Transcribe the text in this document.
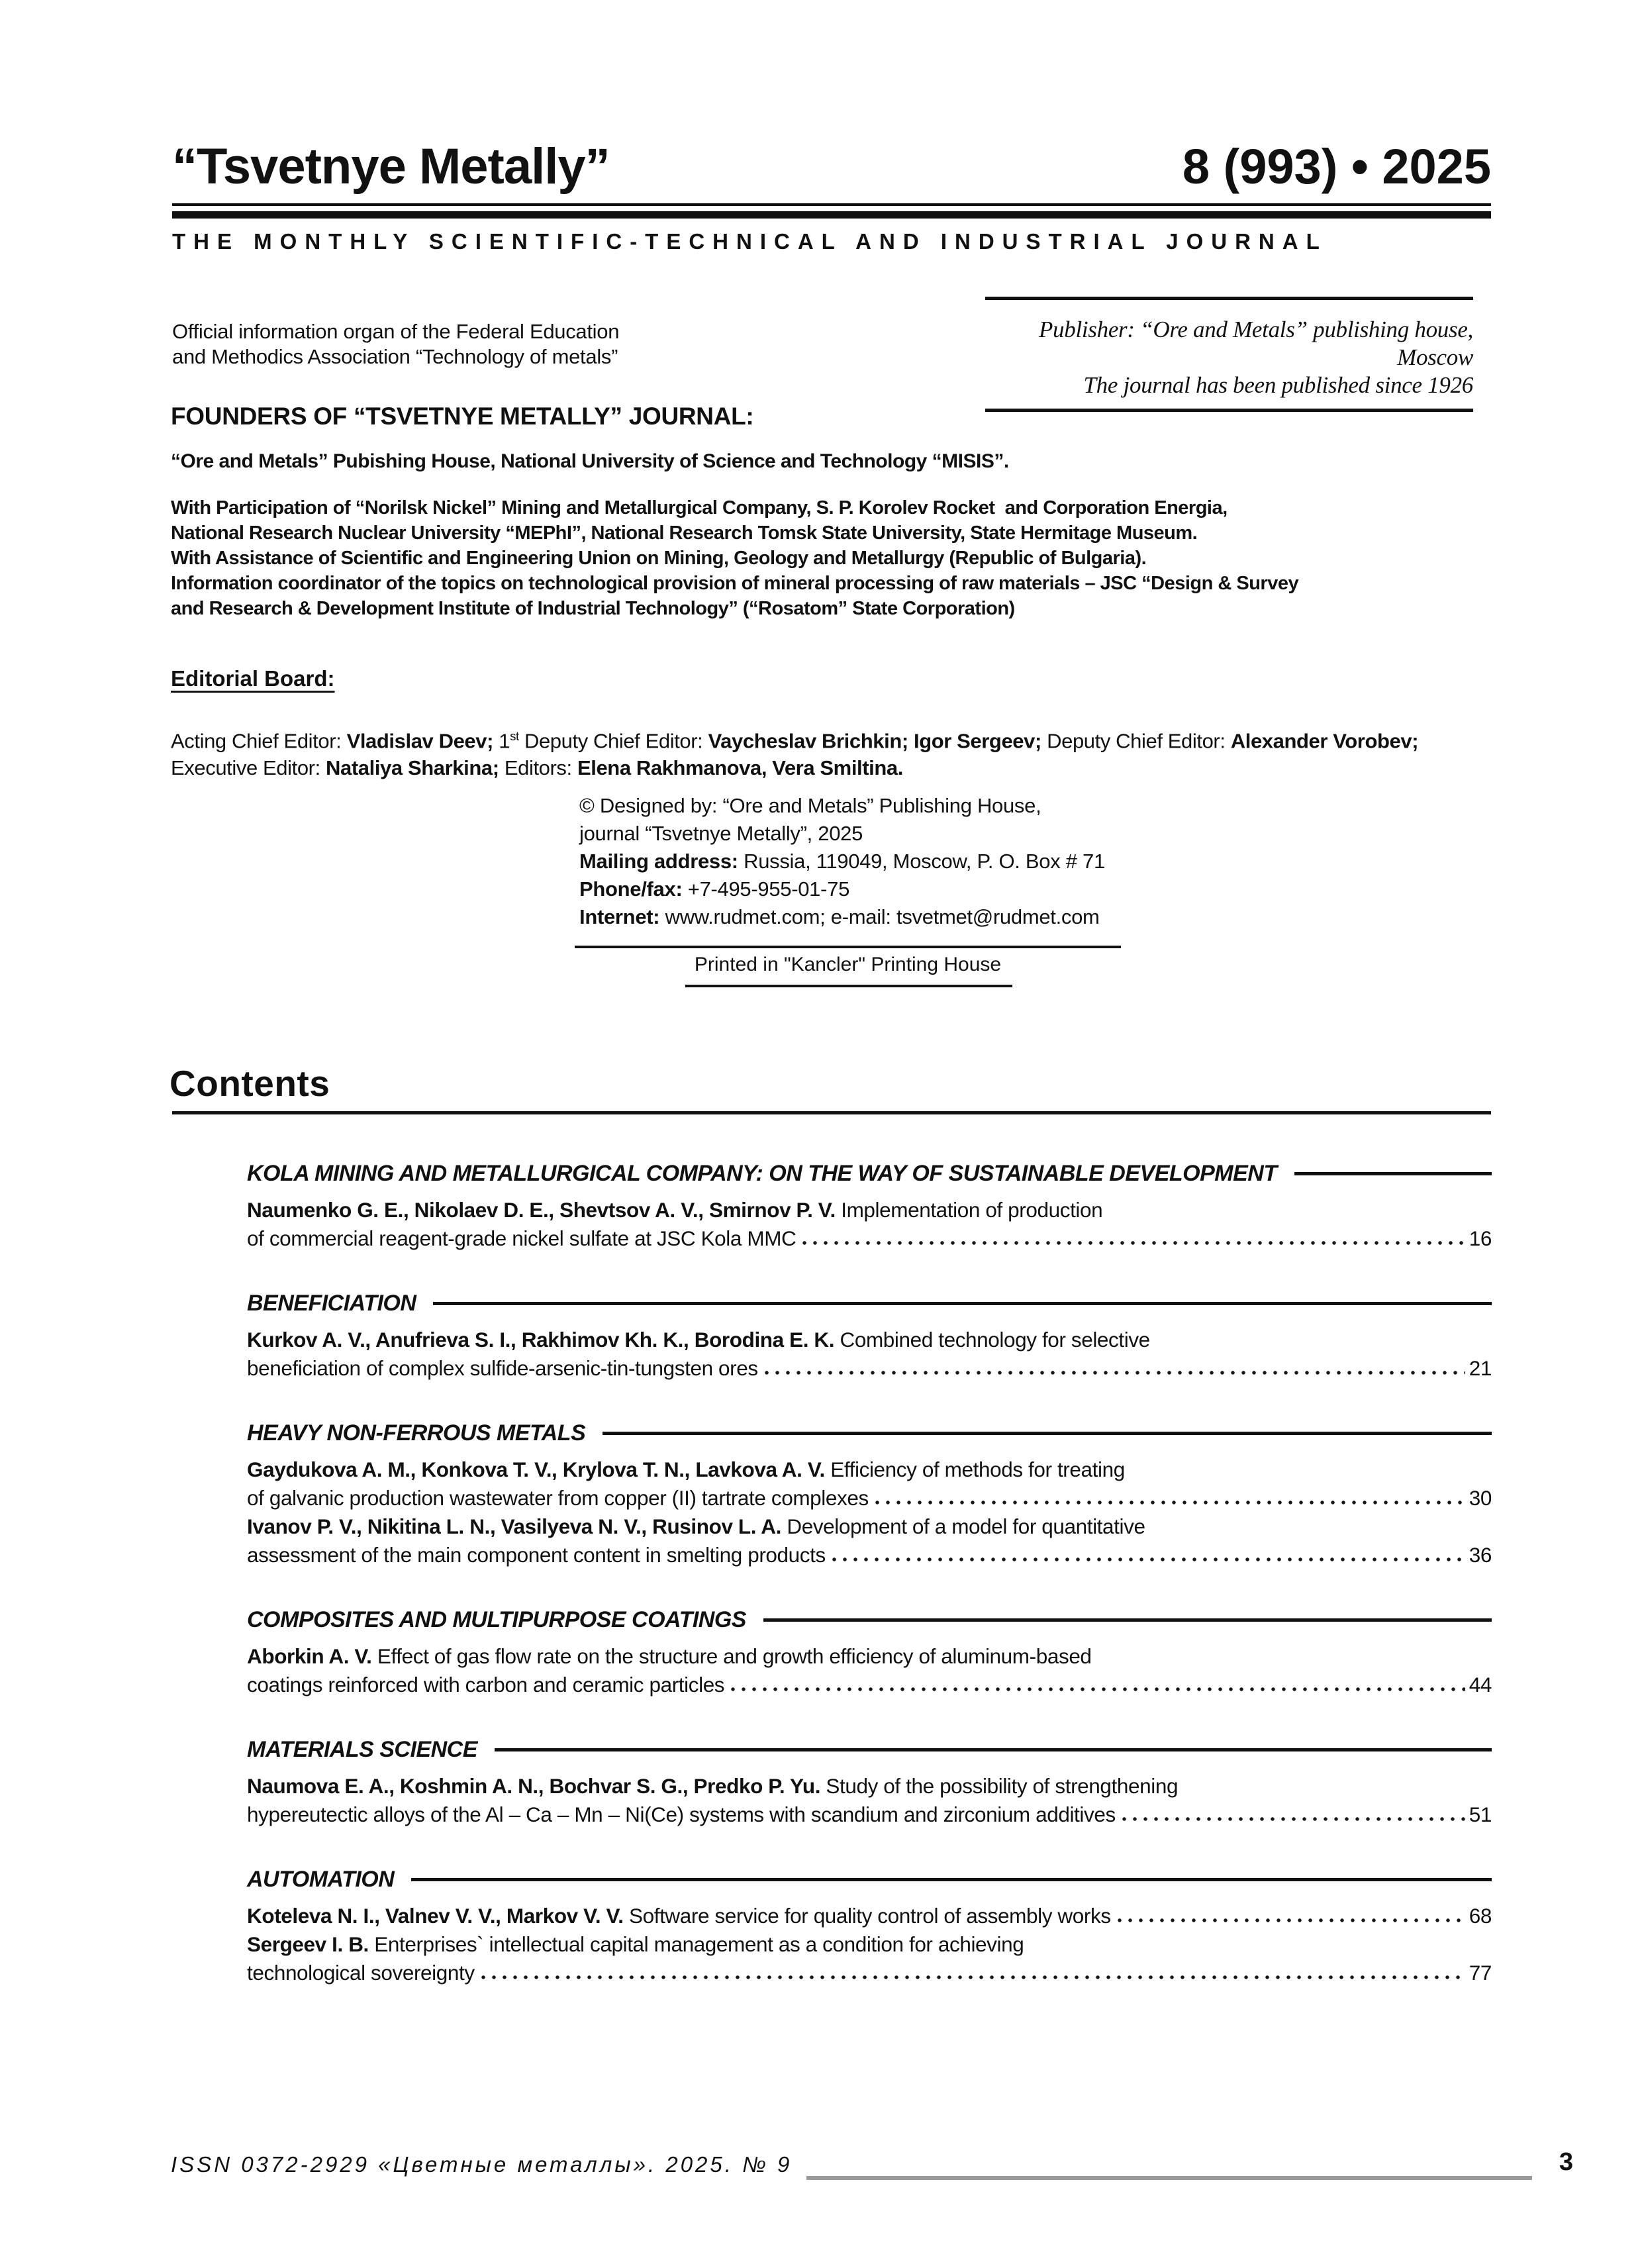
“Tsvetnye Metally”	8 (993) • 2025
THE MONTHLY SCIENTIFIC-TECHNICAL AND INDUSTRIAL JOURNAL
Official information organ of the Federal Education
and Methodics Association “Technology of metals”
Publisher: “Ore and Metals” publishing house, Moscow
The journal has been published since 1926
FOUNDERS OF “TSVETNYE METALLY” JOURNAL:
“Ore and Metals” Pubishing House, National University of Science and Technology “MISIS”.
With Participation of “Norilsk Nickel” Mining and Metallurgical Company, S. P. Korolev Rocket  and Corporation Energia,
National Research Nuclear University “MEPhI”, National Research Tomsk State University, State Hermitage Museum.
With Assistance of Scientific and Engineering Union on Mining, Geology and Metallurgy (Republic of Bulgaria).
Information coordinator of the topics on technological provision of mineral processing of raw materials – JSC “Design & Survey
and Research & Development Institute of Industrial Technology” (“Rosatom” State Corporation)
Editorial Board:

Acting Chief Editor: Vladislav Deev; 1st Deputy Chief Editor: Vaycheslav Brichkin; Igor Sergeev; Deputy Chief Editor: Alexander Vorobev; Executive Editor: Nataliya Sharkina; Editors: Elena Rakhmanova, Vera Smiltina.

© Designed by: “Ore and Metals” Publishing House,
journal “Tsvetnye Metally”, 2025
Mailing address: Russia, 119049, Moscow, P. O. Box # 71
Phone/fax: +7-495-955-01-75
Internet: www.rudmet.com; e-mail: tsvetmet@rudmet.com
Printed in "Kancler" Printing House
Contents
KOLA MINING AND METALLURGICAL COMPANY: ON THE WAY OF SUSTAINABLE DEVELOPMENT
Naumenko G. E., Nikolaev D. E., Shevtsov A. V., Smirnov P. V. Implementation of production
of commercial reagent-grade nickel sulfate at JSC Kola MMC	16
BENEFICIATION
Kurkov A. V., Anufrieva S. I., Rakhimov Kh. K., Borodina E. K. Combined technology for selective
beneficiation of complex sulfide-arsenic-tin-tungsten ores	21
HEAVY NON-FERROUS METALS
Gaydukova A. M., Konkova T. V., Krylova T. N., Lavkova A. V. Efficiency of methods for treating
of galvanic production wastewater from copper (II) tartrate complexes	30
Ivanov P. V., Nikitina L. N., Vasilyeva N. V., Rusinov L. A. Development of a model for quantitative
assessment of the main component content in smelting products	36
COMPOSITES AND MULTIPURPOSE COATINGS
Aborkin A. V. Effect of gas flow rate on the structure and growth efficiency of aluminum-based
coatings reinforced with carbon and ceramic particles	44
MATERIALS SCIENCE
Naumova E. A., Koshmin A. N., Bochvar S. G., Predko P. Yu. Study of the possibility of strengthening
hypereutectic alloys of the Al – Ca – Mn – Ni(Ce) systems with scandium and zirconium additives	51
AUTOMATION
Koteleva N. I., Valnev V. V., Markov V. V. Software service for quality control of assembly works	68
Sergeev I. B. Enterprises` intellectual capital management as a condition for achieving
technological sovereignty	77
ISSN 0372-2929 «Цветные металлы». 2025. № 9	3
